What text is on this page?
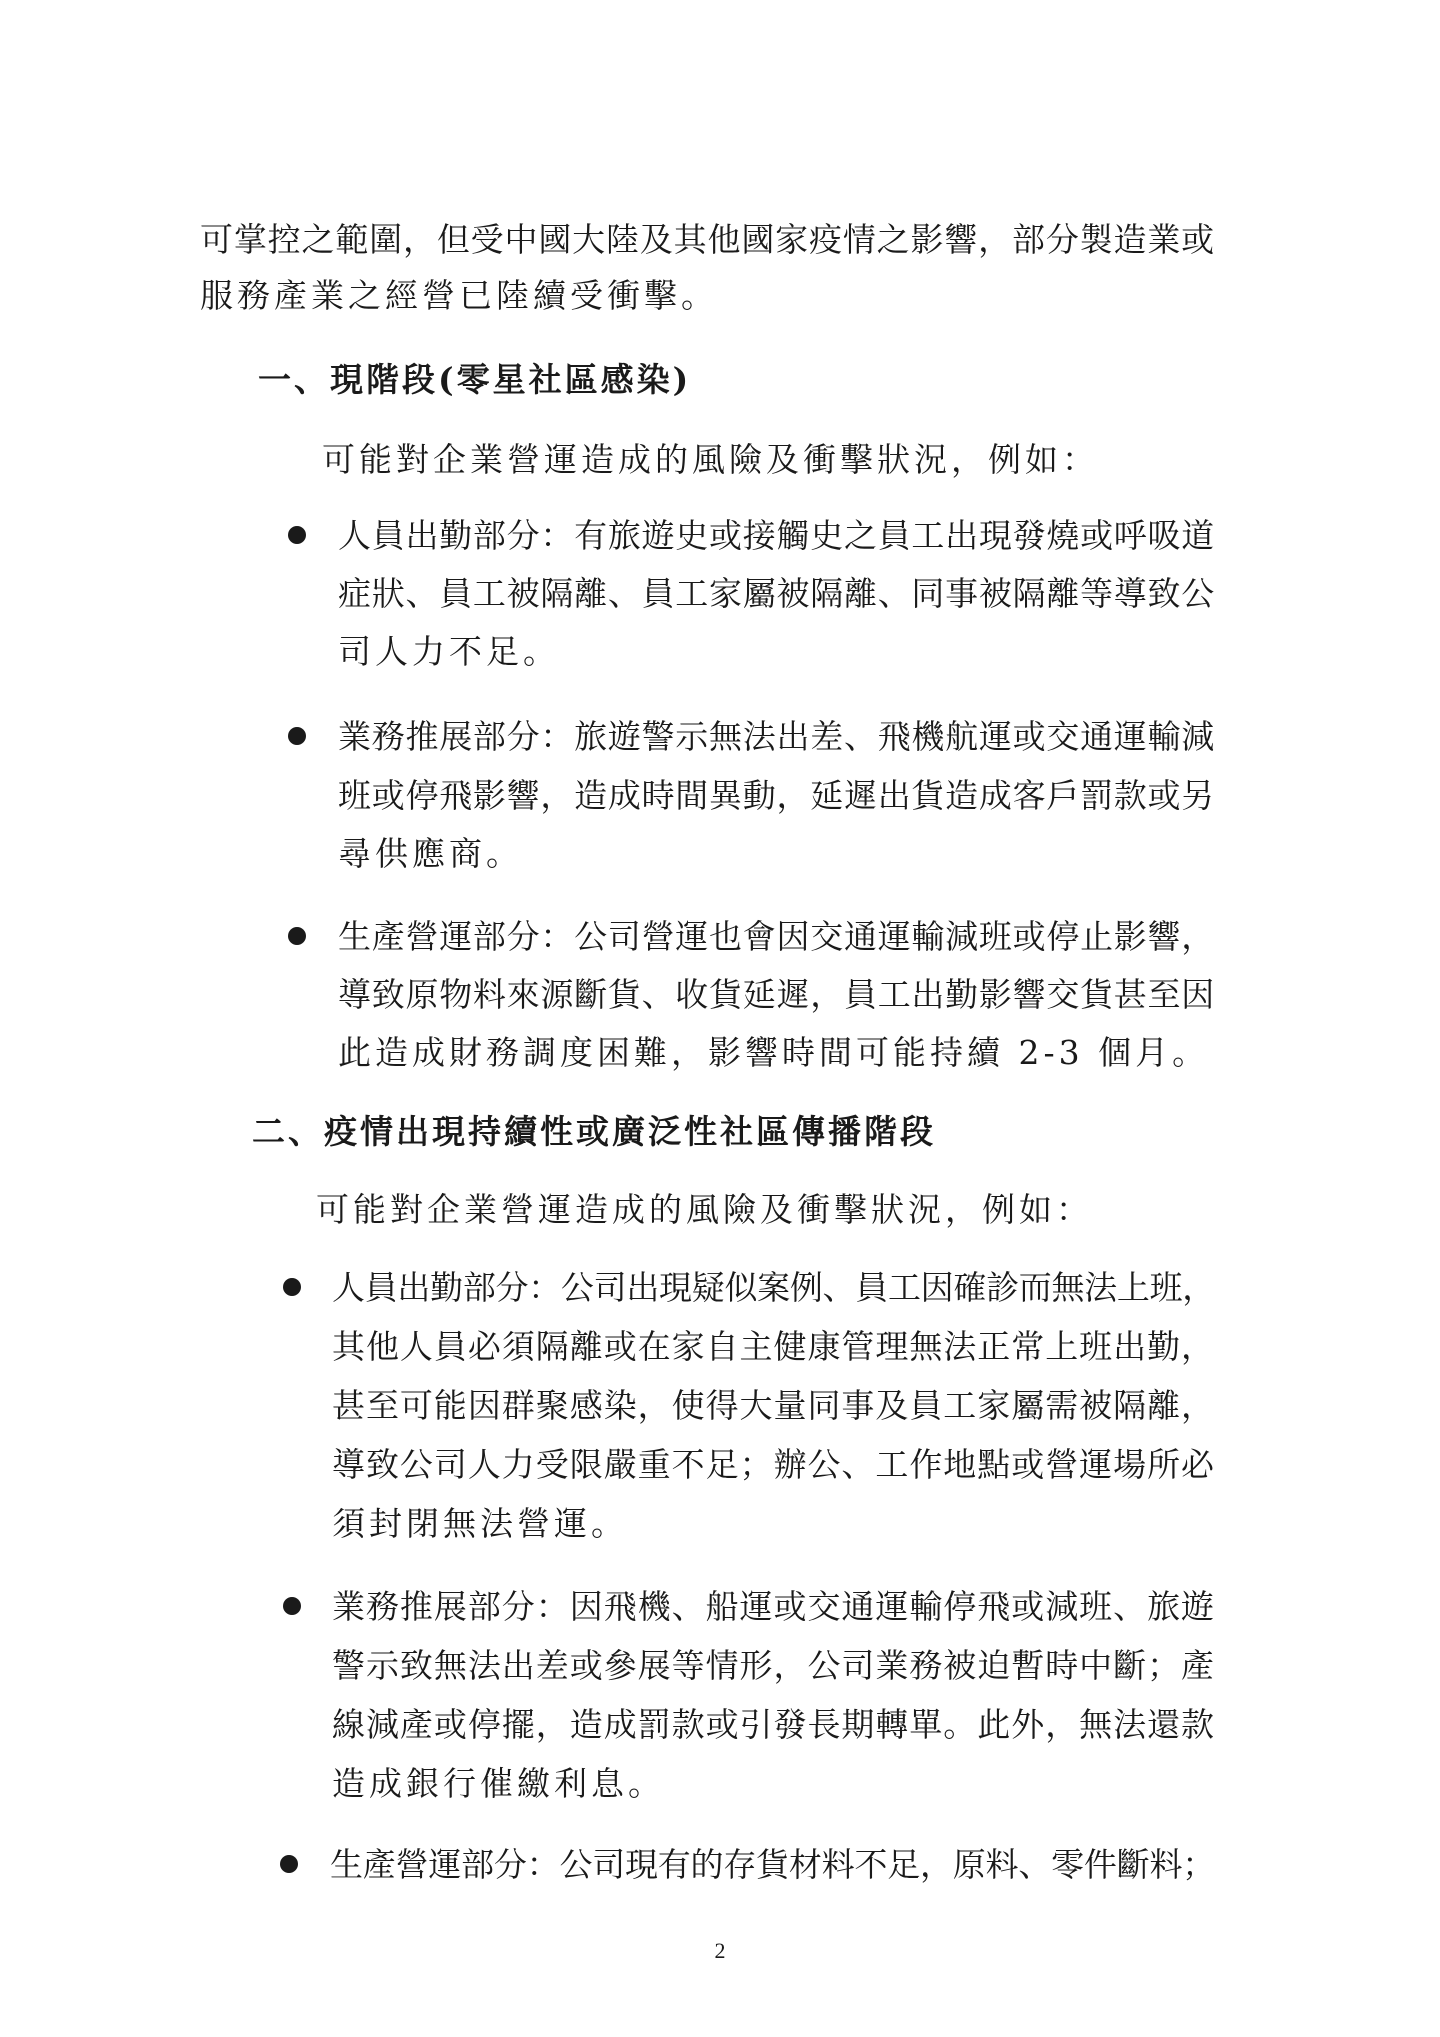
可掌控之範圍，但受中國大陸及其他國家疫情之影響，部分製造業或
服務產業之經營已陸續受衝擊。
一、現階段(零星社區感染)
可能對企業營運造成的風險及衝擊狀況，例如：
人員出勤部分：有旅遊史或接觸史之員工出現發燒或呼吸道
症狀、員工被隔離、員工家屬被隔離、同事被隔離等導致公
司人力不足。
業務推展部分：旅遊警示無法出差、飛機航運或交通運輸減
班或停飛影響，造成時間異動，延遲出貨造成客戶罰款或另
尋供應商。
生產營運部分：公司營運也會因交通運輸減班或停止影響，
導致原物料來源斷貨、收貨延遲，員工出勤影響交貨甚至因
此造成財務調度困難，影響時間可能持續 2-3 個月。
二、疫情出現持續性或廣泛性社區傳播階段
可能對企業營運造成的風險及衝擊狀況，例如：
人員出勤部分：公司出現疑似案例、員工因確診而無法上班，
其他人員必須隔離或在家自主健康管理無法正常上班出勤，
甚至可能因群聚感染，使得大量同事及員工家屬需被隔離，
導致公司人力受限嚴重不足；辦公、工作地點或營運場所必
須封閉無法營運。
業務推展部分：因飛機、船運或交通運輸停飛或減班、旅遊
警示致無法出差或參展等情形，公司業務被迫暫時中斷；產
線減產或停擺，造成罰款或引發長期轉單。此外，無法還款
造成銀行催繳利息。
生產營運部分：公司現有的存貨材料不足，原料、零件斷料；
2
